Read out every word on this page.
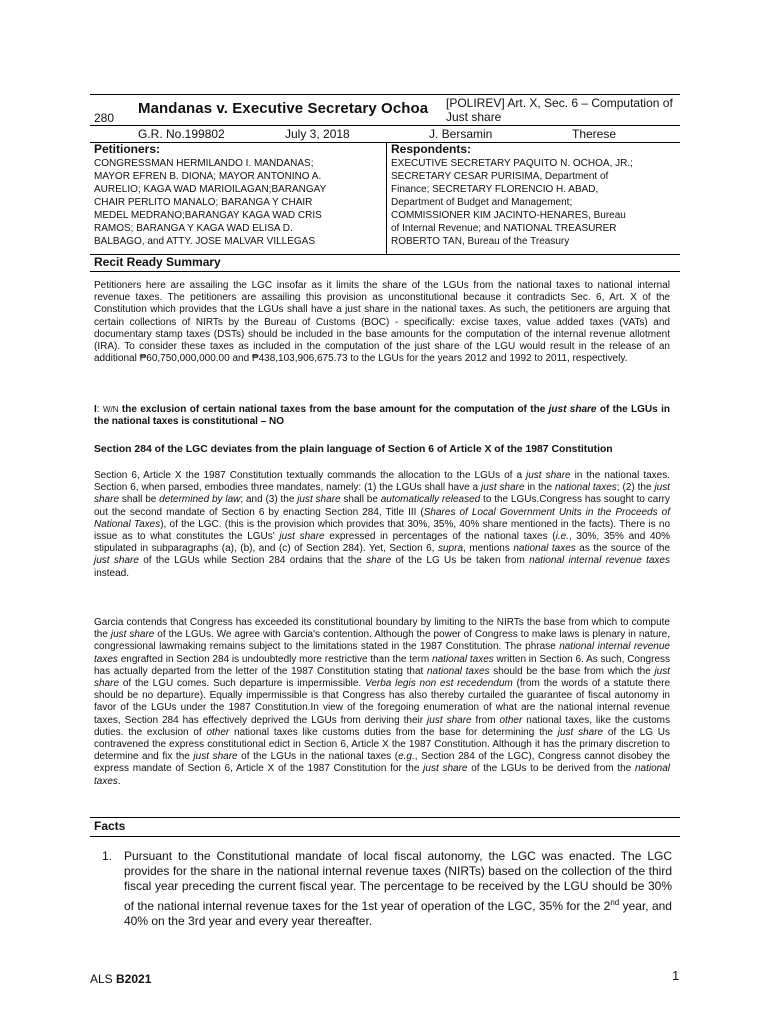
280
Mandanas v. Executive Secretary Ochoa [POLIREV] Art. X, Sec. 6 – Computation of Just share
G.R. No.199802	July 3, 2018	J. Bersamin	Therese
Petitioners:
CONGRESSMAN HERMILANDO I. MANDANAS;
MAYOR EFREN B. DIONA; MAYOR ANTONINO A.
AURELIO; KAGA WAD MARIOILAGAN;BARANGAY
CHAIR PERLITO MANALO; BARANGA Y CHAIR
MEDEL MEDRANO;BARANGAY KAGA WAD CRIS
RAMOS; BARANGA Y KAGA WAD ELISA D.
BALBAGO, and ATTY. JOSE MALVAR VILLEGAS
Respondents:
EXECUTIVE SECRETARY PAQUITO N. OCHOA, JR.;
SECRETARY CESAR PURISIMA, Department of
Finance; SECRETARY FLORENCIO H. ABAD,
Department of Budget and Management;
COMMISSIONER KIM JACINTO-HENARES, Bureau
of Internal Revenue; and NATIONAL TREASURER
ROBERTO TAN, Bureau of the Treasury
Recit Ready Summary
Petitioners here are assailing the LGC insofar as it limits the share of the LGUs from the national taxes to national internal revenue taxes. The petitioners are assailing this provision as unconstitutional because it contradicts Sec. 6, Art. X of the Constitution which provides that the LGUs shall have a just share in the national taxes. As such, the petitioners are arguing that certain collections of NIRTs by the Bureau of Customs (BOC) - specifically: excise taxes, value added taxes (VATs) and documentary stamp taxes (DSTs) should be included in the base amounts for the computation of the internal revenue allotment (IRA). To consider these taxes as included in the computation of the just share of the LGU would result in the release of an additional ₱60,750,000,000.00 and ₱438,103,906,675.73 to the LGUs for the years 2012 and 1992 to 2011, respectively.
I: W/N the exclusion of certain national taxes from the base amount for the computation of the just share of the LGUs in the national taxes is constitutional – NO
Section 284 of the LGC deviates from the plain language of Section 6 of Article X of the 1987 Constitution
Section 6, Article X the 1987 Constitution textually commands the allocation to the LGUs of a just share in the national taxes. Section 6, when parsed, embodies three mandates, namely: (1) the LGUs shall have a just share in the national taxes; (2) the just share shall be determined by law; and (3) the just share shall be automatically released to the LGUs.Congress has sought to carry out the second mandate of Section 6 by enacting Section 284, Title III (Shares of Local Government Units in the Proceeds of National Taxes), of the LGC. (this is the provision which provides that 30%, 35%, 40% share mentioned in the facts). There is no issue as to what constitutes the LGUs' just share expressed in percentages of the national taxes (i.e., 30%, 35% and 40% stipulated in subparagraphs (a), (b), and (c) of Section 284). Yet, Section 6, supra, mentions national taxes as the source of the just share of the LGUs while Section 284 ordains that the share of the LG Us be taken from national internal revenue taxes instead.
Garcia contends that Congress has exceeded its constitutional boundary by limiting to the NIRTs the base from which to compute the just share of the LGUs. We agree with Garcia's contention. Although the power of Congress to make laws is plenary in nature, congressional lawmaking remains subject to the limitations stated in the 1987 Constitution. The phrase national internal revenue taxes engrafted in Section 284 is undoubtedly more restrictive than the term national taxes written in Section 6. As such, Congress has actually departed from the letter of the 1987 Constitution stating that national taxes should be the base from which the just share of the LGU comes. Such departure is impermissible. Verba legis non est recedendum (from the words of a statute there should be no departure). Equally impermissible is that Congress has also thereby curtailed the guarantee of fiscal autonomy in favor of the LGUs under the 1987 Constitution.In view of the foregoing enumeration of what are the national internal revenue taxes, Section 284 has effectively deprived the LGUs from deriving their just share from other national taxes, like the customs duties. the exclusion of other national taxes like customs duties from the base for determining the just share of the LG Us contravened the express constitutional edict in Section 6, Article X the 1987 Constitution. Although it has the primary discretion to determine and fix the just share of the LGUs in the national taxes (e.g., Section 284 of the LGC), Congress cannot disobey the express mandate of Section 6, Article X of the 1987 Constitution for the just share of the LGUs to be derived from the national taxes.
Facts
1. Pursuant to the Constitutional mandate of local fiscal autonomy, the LGC was enacted. The LGC provides for the share in the national internal revenue taxes (NIRTs) based on the collection of the third fiscal year preceding the current fiscal year. The percentage to be received by the LGU should be 30% of the national internal revenue taxes for the 1st year of operation of the LGC, 35% for the 2nd year, and 40% on the 3rd year and every year thereafter.
ALS B2021	1
